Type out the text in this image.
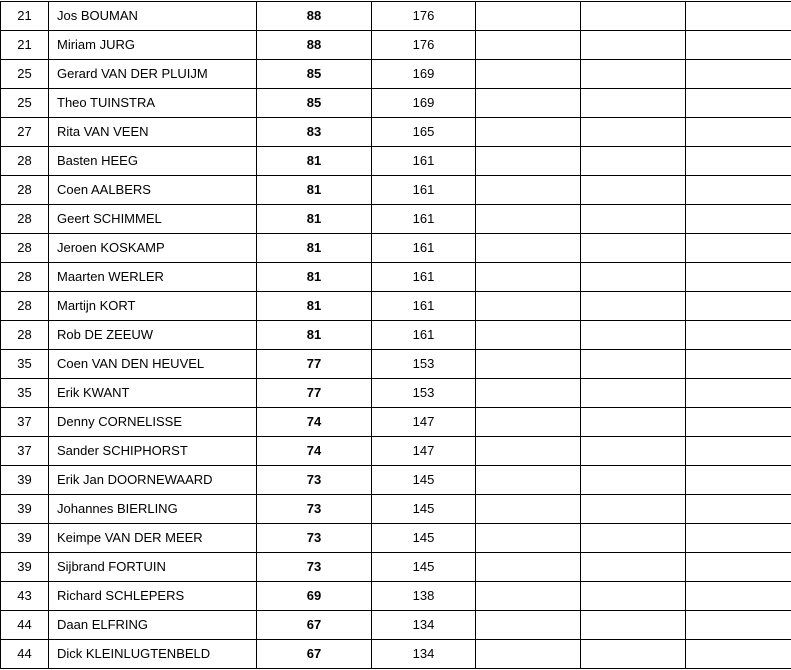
21	Jos BOUMAN	88	176			
21	Miriam JURG	88	176			
25	Gerard VAN DER PLUIJM	85	169			
25	Theo TUINSTRA	85	169			
27	Rita VAN VEEN	83	165			
28	Basten HEEG	81	161			
28	Coen AALBERS	81	161			
28	Geert SCHIMMEL	81	161			
28	Jeroen KOSKAMP	81	161			
28	Maarten WERLER	81	161			
28	Martijn KORT	81	161			
28	Rob DE ZEEUW	81	161			
35	Coen VAN DEN HEUVEL	77	153			
35	Erik KWANT	77	153			
37	Denny CORNELISSE	74	147			
37	Sander SCHIPHORST	74	147			
39	Erik Jan DOORNEWAARD	73	145			
39	Johannes BIERLING	73	145			
39	Keimpe VAN DER MEER	73	145			
39	Sijbrand FORTUIN	73	145			
43	Richard SCHLEPERS	69	138			
44	Daan ELFRING	67	134			
44	Dick KLEINLUGTENBELD	67	134			
